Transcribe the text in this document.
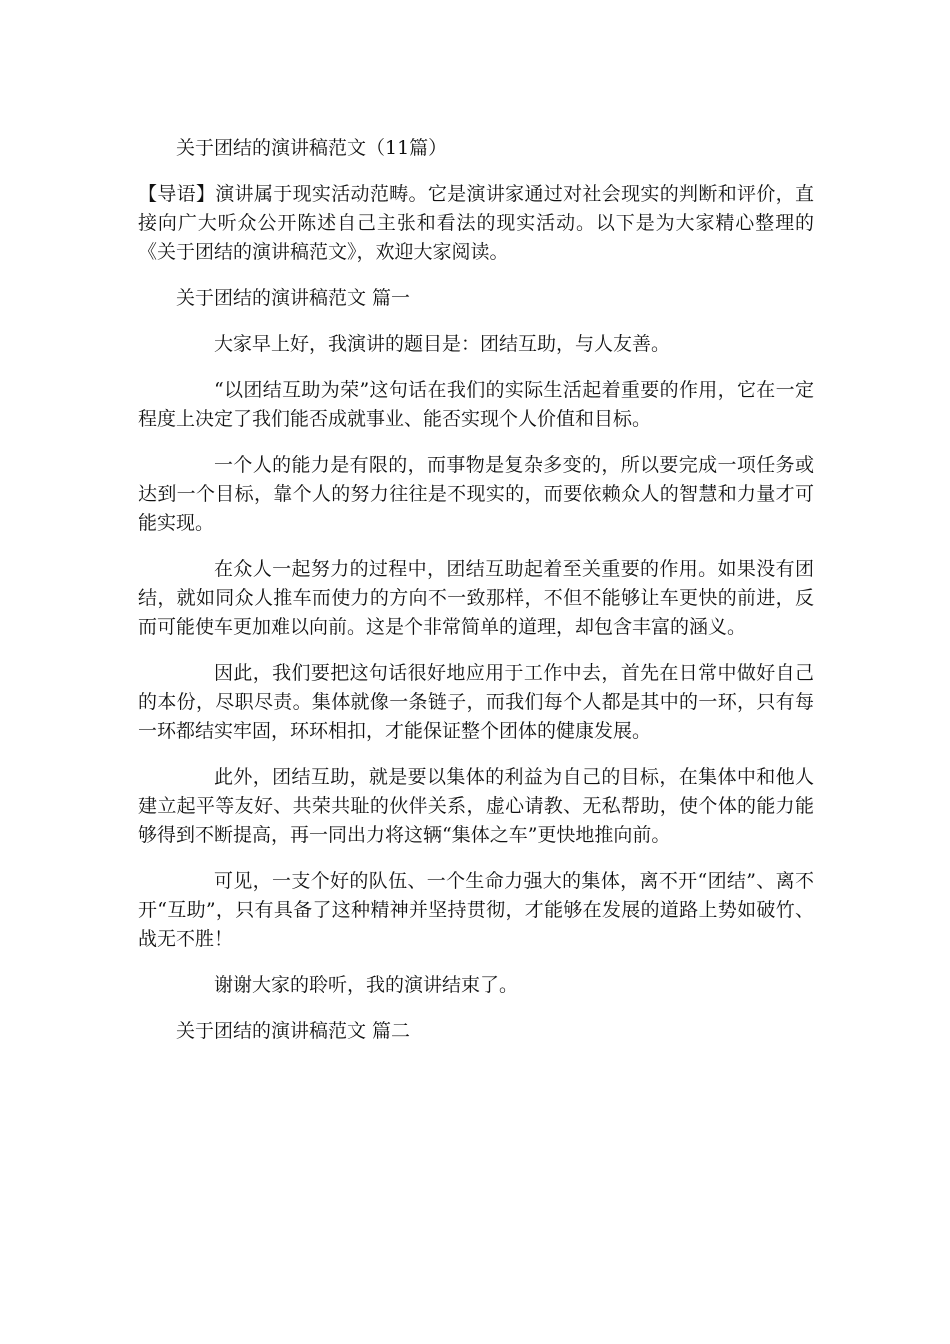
关于团结的演讲稿范文（11篇）

【导语】演讲属于现实活动范畴。它是演讲家通过对社会现实的判断和评价，直接向广大听众公开陈述自己主张和看法的现实活动。以下是为大家精心整理的《关于团结的演讲稿范文》，欢迎大家阅读。

关于团结的演讲稿范文 篇一

大家早上好，我演讲的题目是：团结互助，与人友善。

“以团结互助为荣”这句话在我们的实际生活起着重要的作用，它在一定程度上决定了我们能否成就事业、能否实现个人价值和目标。

一个人的能力是有限的，而事物是复杂多变的，所以要完成一项任务或达到一个目标，靠个人的努力往往是不现实的，而要依赖众人的智慧和力量才可能实现。

在众人一起努力的过程中，团结互助起着至关重要的作用。如果没有团结，就如同众人推车而使力的方向不一致那样，不但不能够让车更快的前进，反而可能使车更加难以向前。这是个非常简单的道理，却包含丰富的涵义。

因此，我们要把这句话很好地应用于工作中去，首先在日常中做好自己的本份，尽职尽责。集体就像一条链子，而我们每个人都是其中的一环，只有每一环都结实牢固，环环相扣，才能保证整个团体的健康发展。

此外，团结互助，就是要以集体的利益为自己的目标，在集体中和他人建立起平等友好、共荣共耻的伙伴关系，虚心请教、无私帮助，使个体的能力能够得到不断提高，再一同出力将这辆“集体之车”更快地推向前。

可见，一支个好的队伍、一个生命力强大的集体，离不开“团结”、离不开“互助”，只有具备了这种精神并坚持贯彻，才能够在发展的道路上势如破竹、战无不胜！

谢谢大家的聆听，我的演讲结束了。

关于团结的演讲稿范文 篇二
